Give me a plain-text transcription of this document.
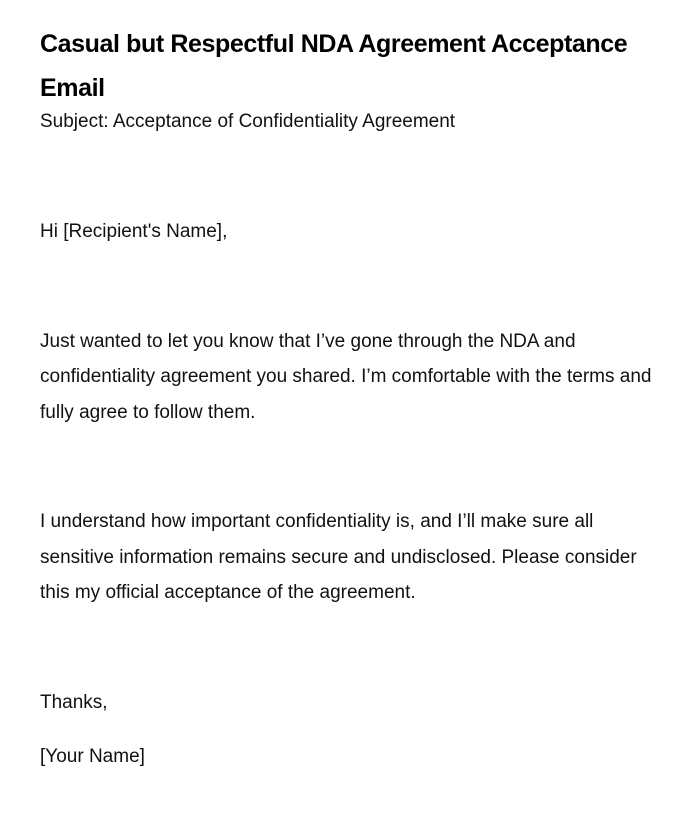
Casual but Respectful NDA Agreement Acceptance Email

Subject: Acceptance of Confidentiality Agreement

Hi [Recipient's Name],

Just wanted to let you know that I’ve gone through the NDA and confidentiality agreement you shared. I’m comfortable with the terms and fully agree to follow them.

I understand how important confidentiality is, and I’ll make sure all sensitive information remains secure and undisclosed. Please consider this my official acceptance of the agreement.

Thanks,

[Your Name]
